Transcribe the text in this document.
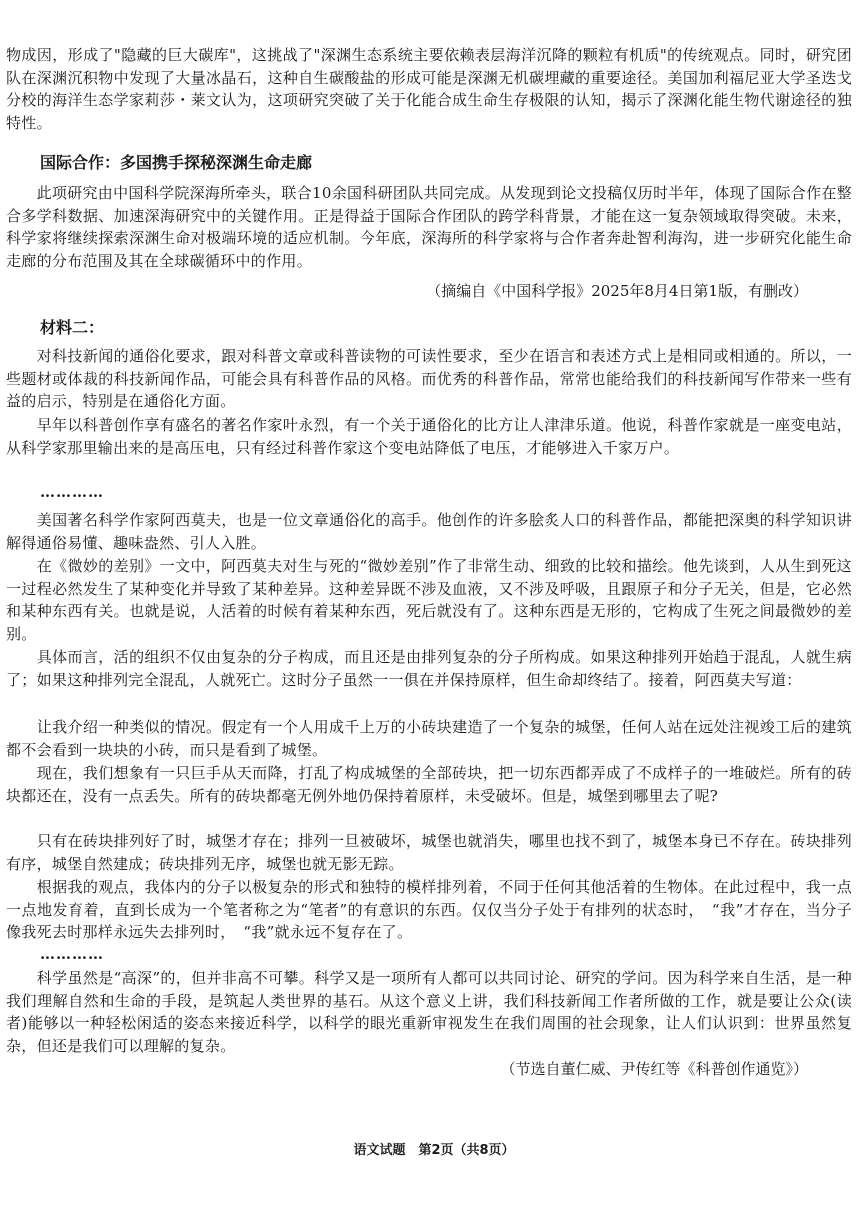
物成因，形成了"隐藏的巨大碳库"，这挑战了"深渊生态系统主要依赖表层海洋沉降的颗粒有机质"的传统观点。同时，研究团队在深渊沉积物中发现了大量冰晶石，这种自生碳酸盐的形成可能是深渊无机碳埋藏的重要途径。美国加利福尼亚大学圣迭戈分校的海洋生态学家莉莎・莱文认为，这项研究突破了关于化能合成生命生存极限的认知，揭示了深渊化能生物代谢途径的独特性。

国际合作：多国携手探秘深渊生命走廊

　　此项研究由中国科学院深海所牵头，联合10余国科研团队共同完成。从发现到论文投稿仅历时半年，体现了国际合作在整合多学科数据、加速深海研究中的关键作用。正是得益于国际合作团队的跨学科背景，才能在这一复杂领域取得突破。未来，科学家将继续探索深渊生命对极端环境的适应机制。今年底，深海所的科学家将与合作者奔赴智利海沟，进一步研究化能生命走廊的分布范围及其在全球碳循环中的作用。

（摘编自《中国科学报》2025年8月4日第1版，有删改）

材料二：

　　对科技新闻的通俗化要求，跟对科普文章或科普读物的可读性要求，至少在语言和表述方式上是相同或相通的。所以，一些题材或体裁的科技新闻作品，可能会具有科普作品的风格。而优秀的科普作品，常常也能给我们的科技新闻写作带来一些有益的启示，特别是在通俗化方面。

　　早年以科普创作享有盛名的著名作家叶永烈，有一个关于通俗化的比方让人津津乐道。他说，科普作家就是一座变电站，从科学家那里输出来的是高压电，只有经过科普作家这个变电站降低了电压，才能够进入千家万户。

…………

　　美国著名科学作家阿西莫夫，也是一位文章通俗化的高手。他创作的许多脍炙人口的科普作品，都能把深奥的科学知识讲解得通俗易懂、趣味盎然、引人入胜。

　　在《微妙的差别》一文中，阿西莫夫对生与死的“微妙差别”作了非常生动、细致的比较和描绘。他先谈到，人从生到死这一过程必然发生了某种变化并导致了某种差异。这种差异既不涉及血液，又不涉及呼吸，且跟原子和分子无关，但是，它必然和某种东西有关。也就是说，人活着的时候有着某种东西，死后就没有了。这种东西是无形的，它构成了生死之间最微妙的差别。

　　具体而言，活的组织不仅由复杂的分子构成，而且还是由排列复杂的分子所构成。如果这种排列开始趋于混乱，人就生病了；如果这种排列完全混乱，人就死亡。这时分子虽然一一俱在并保持原样，但生命却终结了。接着，阿西莫夫写道：

　　让我介绍一种类似的情况。假定有一个人用成千上万的小砖块建造了一个复杂的城堡，任何人站在远处注视竣工后的建筑都不会看到一块块的小砖，而只是看到了城堡。

　　现在，我们想象有一只巨手从天而降，打乱了构成城堡的全部砖块，把一切东西都弄成了不成样子的一堆破烂。所有的砖块都还在，没有一点丢失。所有的砖块都毫无例外地仍保持着原样，未受破坏。但是，城堡到哪里去了呢?

　　只有在砖块排列好了时，城堡才存在；排列一旦被破坏，城堡也就消失，哪里也找不到了，城堡本身已不存在。砖块排列有序，城堡自然建成；砖块排列无序，城堡也就无影无踪。

　　根据我的观点，我体内的分子以极复杂的形式和独特的模样排列着，不同于任何其他活着的生物体。在此过程中，我一点一点地发育着，直到长成为一个笔者称之为“笔者”的有意识的东西。仅仅当分子处于有排列的状态时，　“我”才存在，当分子像我死去时那样永远失去排列时，　“我”就永远不复存在了。

…………

　　科学虽然是“高深”的，但并非高不可攀。科学又是一项所有人都可以共同讨论、研究的学问。因为科学来自生活，是一种我们理解自然和生命的手段，是筑起人类世界的基石。从这个意义上讲，我们科技新闻工作者所做的工作，就是要让公众(读者)能够以一种轻松闲适的姿态来接近科学，以科学的眼光重新审视发生在我们周围的社会现象，让人们认识到：世界虽然复杂，但还是我们可以理解的复杂。

（节选自董仁威、尹传红等《科普创作通览》）

语文试题　第2页（共8页）
